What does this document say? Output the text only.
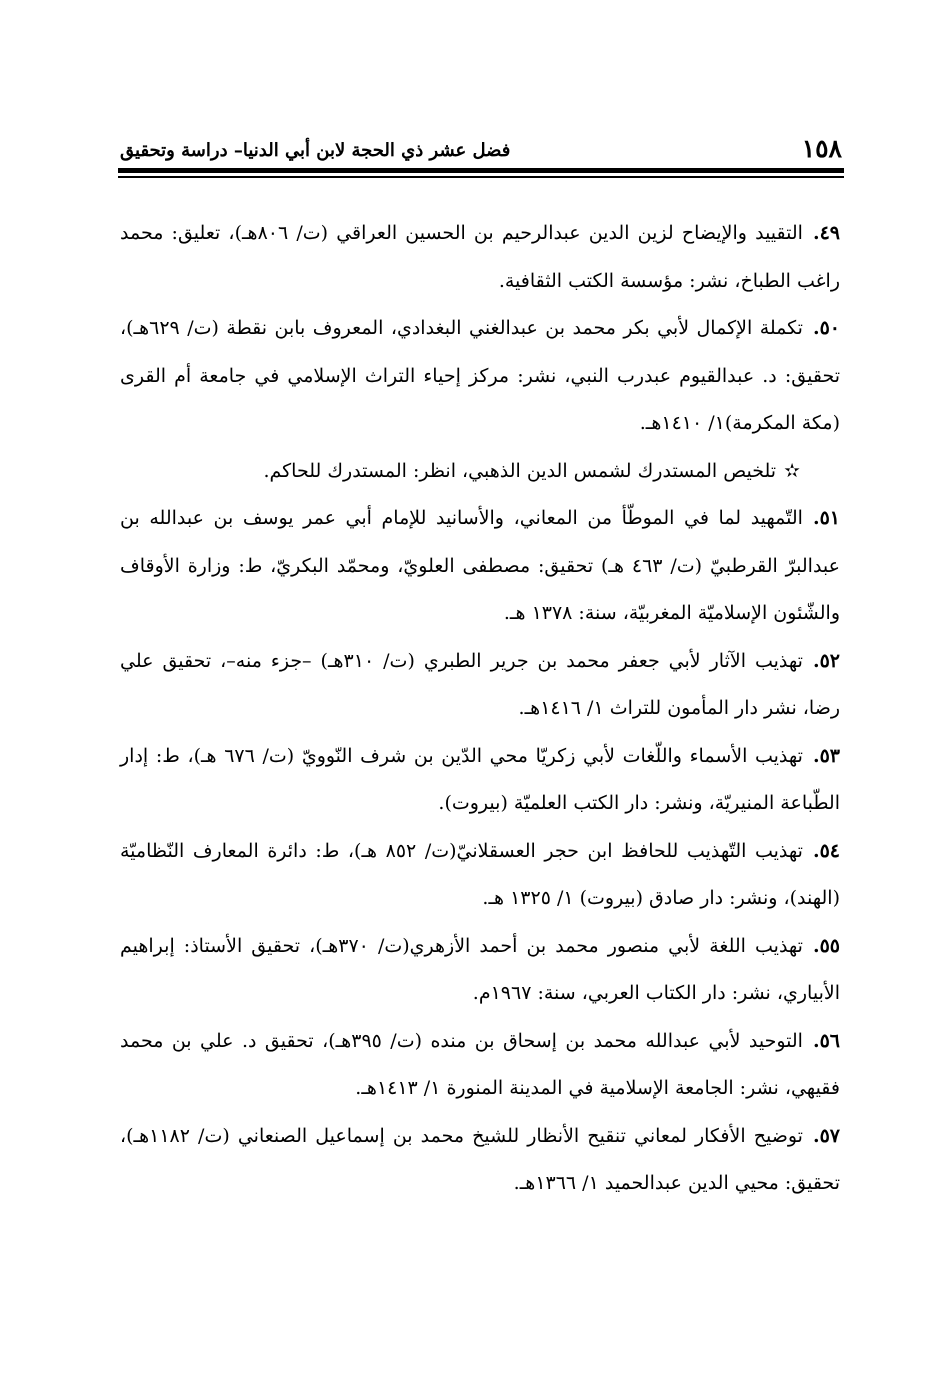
١٥٨
فضل عشر ذي الحجة لابن أبي الدنيا– دراسة وتحقيق

٤٩.التقييد والإيضاح لزين الدين عبدالرحيم بن الحسين العراقي (ت/ ٨٠٦هـ)، تعليق: محمد راغب الطباخ، نشر: مؤسسة الكتب الثقافية.

٥٠.تكملة الإكمال لأبي بكر محمد بن عبدالغني البغدادي، المعروف بابن نقطة (ت/ ٦٢٩هـ)، تحقيق: د. عبدالقيوم عبدرب النبي، نشر: مركز إحياء التراث الإسلامي في جامعة أم القرى (مكة المكرمة)١/ ١٤١٠هـ.

✫تلخيص المستدرك لشمس الدين الذهبي، انظر: المستدرك للحاكم.

٥١.التّمهيد لما في الموطّأ من المعاني، والأسانيد للإمام أبي عمر يوسف بن عبدالله بن عبدالبرّ القرطبيّ (ت/ ٤٦٣ هـ) تحقيق: مصطفى العلويّ، ومحمّد البكريّ، ط: وزارة الأوقاف والشّئون الإسلاميّة المغربيّة، سنة: ١٣٧٨ هـ.

٥٢.تهذيب الآثار لأبي جعفر محمد بن جرير الطبري (ت/ ٣١٠هـ) –جزء منه–، تحقيق علي رضا، نشر دار المأمون للتراث ١/ ١٤١٦هـ.

٥٣.تهذيب الأسماء واللّغات لأبي زكريّا محي الدّين بن شرف النّوويّ (ت/ ٦٧٦ هـ)، ط: إدار الطّباعة المنيريّة، ونشر: دار الكتب العلميّة (بيروت).

٥٤.تهذيب التّهذيب للحافظ ابن حجر العسقلانيّ(ت/ ٨٥٢ هـ)، ط: دائرة المعارف النّظاميّة (الهند)، ونشر: دار صادق (بيروت) ١/ ١٣٢٥ هـ.

٥٥.تهذيب اللغة لأبي منصور محمد بن أحمد الأزهري(ت/ ٣٧٠هـ)، تحقيق الأستاذ: إبراهيم الأبياري، نشر: دار الكتاب العربي، سنة: ١٩٦٧م.

٥٦.التوحيد لأبي عبدالله محمد بن إسحاق بن منده (ت/ ٣٩٥هـ)، تحقيق د. علي بن محمد فقيهي، نشر: الجامعة الإسلامية في المدينة المنورة ١/ ١٤١٣هـ.

٥٧.توضيح الأفكار لمعاني تنقيح الأنظار للشيخ محمد بن إسماعيل الصنعاني (ت/ ١١٨٢هـ)، تحقيق: محيي الدين عبدالحميد ١/ ١٣٦٦هـ.
